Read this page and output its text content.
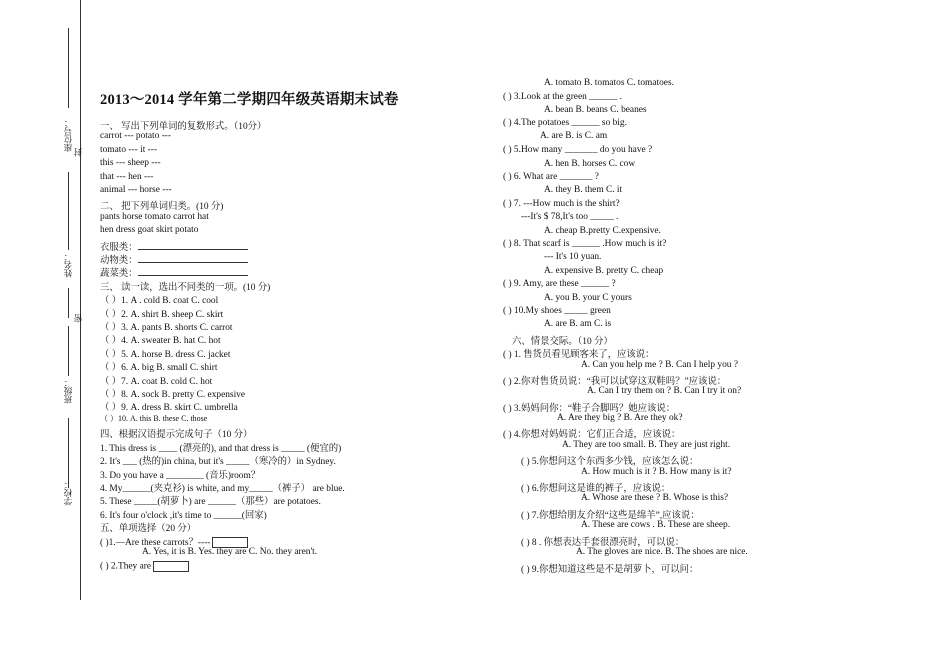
座位号：
封
姓名：
密
班级：
学校：
2013～2014 学年第二学期四年级英语期末试卷
一、 写出下列单词的复数形式。（10分）
carrot --- potato ---
tomato --- it ---
this --- sheep ---
that --- hen ---
animal --- horse ---
二、 把下列单词归类。(10 分)
pants horse tomato carrot hat
hen dress goat skirt potato
衣服类：
动物类：
蔬菜类：
三、 读一读，选出不同类的一项。(10 分)
（ ）1. A . cold B. coat C. cool
（ ）2. A. shirt B. sheep C. skirt
（ ）3. A. pants B. shorts C. carrot
（ ）4. A. sweater B. hat C. hot
（ ）5. A. horse B. dress C. jacket
（ ）6. A. big B. small C. shirt
（ ）7. A. coat B. cold C. hot
（ ）8. A. sock B. pretty C. expensive
（ ）9. A. dress B. skirt C. umbrella
（ ）10. A. this B. these C. those
四、根据汉语提示完成句子（10 分）
1. This dress is ____ (漂亮的), and that dress is _____ (便宜的)
2. It's ___ (热的)in china, but it's _____（寒冷的）in Sydney.
3. Do you have a ________ (音乐)room？
4. My______(夹克衫) is white, and my_____（裤子） are blue.
5. These _____(胡萝卜) are ______（那些）are potatoes.
6. It's four o'clock ,it's time to ______(回家)
五、单项选择（20 分）
( )1.—Are these carrots？----
A. Yes, it is B. Yes. they are C. No. they aren't.
( ) 2.They are
A. tomato B. tomatos C. tomatoes.
( ) 3.Look at the green ______ .
A. bean B. beans C. beanes
( ) 4.The potatoes ______ so big.
A. are B. is C. am
( ) 5.How many _______ do you have ?
A. hen B. horses C. cow
( ) 6. What are _______ ?
A. they B. them C. it
( ) 7. ---How much is the shirt?
---It's $ 78,It's too _____ .
A. cheap B.pretty C.expensive.
( ) 8. That scarf is ______ .How much is it?
--- It's 10 yuan.
A. expensive B. pretty C. cheap
( ) 9. Amy, are these ______ ?
A. you B. your C yours
( ) 10.My shoes _____ green
A. are B. am C. is
六、情景交际。（10 分）
( ) 1. 售货员看见顾客来了，应该说：
A. Can you help me ? B. Can I help you ?
( ) 2.你对售货员说：“我可以试穿这双鞋吗？”应该说：
A. Can I try them on ? B. Can I try it on?
( ) 3.妈妈问你：“鞋子合脚吗？她应该说：
A. Are they big ? B. Are they ok?
( ) 4.你想对妈妈说：它们正合适，应该说：
A. They are too small. B. They are just right.
( ) 5.你想问这个东西多少钱，应该怎么说：
A. How much is it ? B. How many is it?
( ) 6.你想问这是谁的裤子，应该说：
A. Whose are these ? B. Whose is this?
( ) 7.你想给朋友介绍“这些是绵羊”,应该说：
A. These are cows . B. These are sheep.
( ) 8 . 你想表达手套很漂亮时，可以说：
A. The gloves are nice. B. The shoes are nice.
( ) 9.你想知道这些是不是胡萝卜，可以问：
